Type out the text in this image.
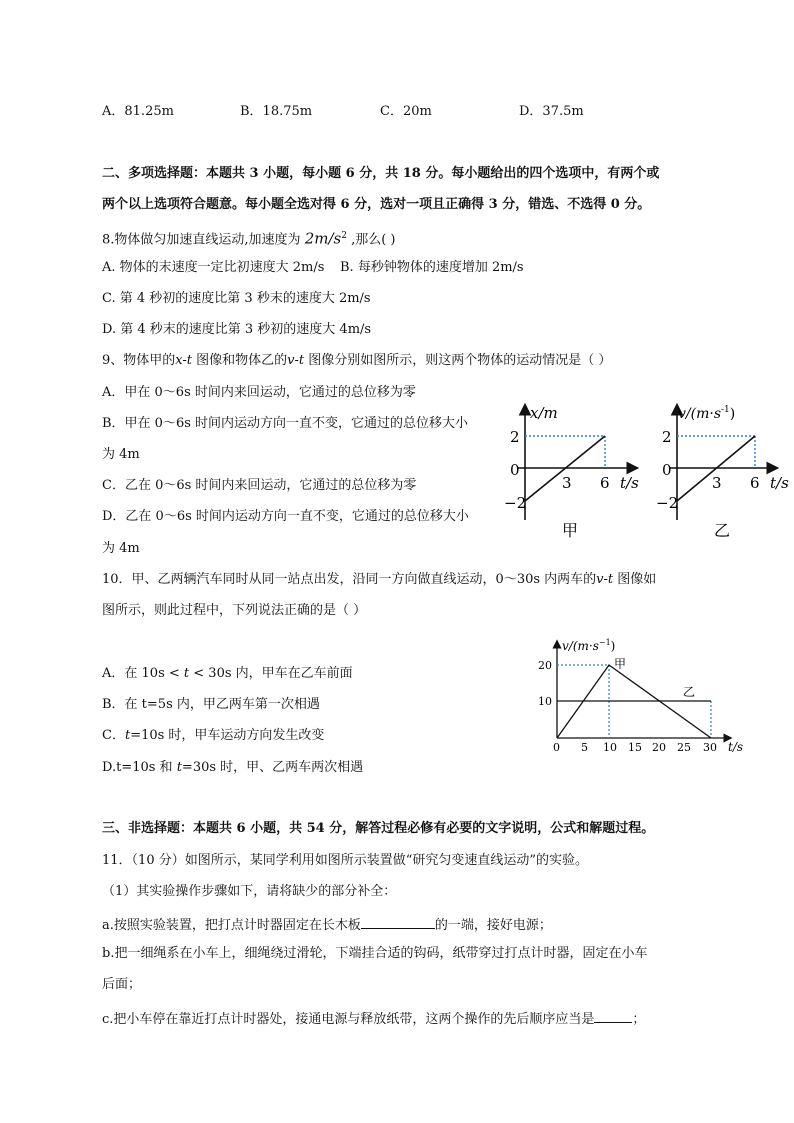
A．81.25m	B．18.75m	C．20m	D．37.5m
二、多项选择题：本题共 3 小题，每小题 6 分，共 18 分。每小题给出的四个选项中，有两个或
两个以上选项符合题意。每小题全选对得 6 分，选对一项且正确得 3 分，错选、不选得 0 分。
8.物体做匀加速直线运动,加速度为 $2m/s^2$ ,那么( )
A. 物体的末速度一定比初速度大 2m/s B. 每秒钟物体的速度增加 2m/s
C. 第 4 秒初的速度比第 3 秒末的速度大 2m/s
D. 第 4 秒末的速度比第 3 秒初的速度大 4m/s
9、物体甲的x-t 图像和物体乙的v-t 图像分别如图所示，则这两个物体的运动情况是（ ）
A．甲在 0～6s 时间内来回运动，它通过的总位移为零
B．甲在 0～6s 时间内运动方向一直不变，它通过的总位移大小
为 4m
C．乙在 0～6s 时间内来回运动，它通过的总位移为零
D．乙在 0～6s 时间内运动方向一直不变，它通过的总位移大小
为 4m
x/m
t/s
2
0
−2
3 6
甲
$v/(m\cdot s^{-1})$
t/s
2
0
−2
3 6
乙
10．甲、乙两辆汽车同时从同一站点出发，沿同一方向做直线运动，0～30s 内两车的v-t 图像如
图所示，则此过程中，下列说法正确的是（ ）
A．在 10s < t < 30s 内，甲车在乙车前面
B．在 t=5s 内，甲乙两车第一次相遇
C．t=10s 时，甲车运动方向发生改变
D.t=10s 和 t=30s 时，甲、乙两车两次相遇
$v/(m\cdot s^{-1})$
t/s
20
10
0 5 10 15 20 25 30
甲
乙
三、非选择题：本题共 6 小题，共 54 分，解答过程必修有必要的文字说明，公式和解题过程。
11．（10 分）如图所示，某同学利用如图所示装置做“研究匀变速直线运动”的实验。
（1）其实验操作步骤如下，请将缺少的部分补全：
a.按照实验装置，把打点计时器固定在长木板	的一端，接好电源；
b.把一细绳系在小车上，细绳绕过滑轮，下端挂合适的钩码，纸带穿过打点计时器，固定在小车
后面；
c.把小车停在靠近打点计时器处，接通电源与释放纸带，这两个操作的先后顺序应当是	；
